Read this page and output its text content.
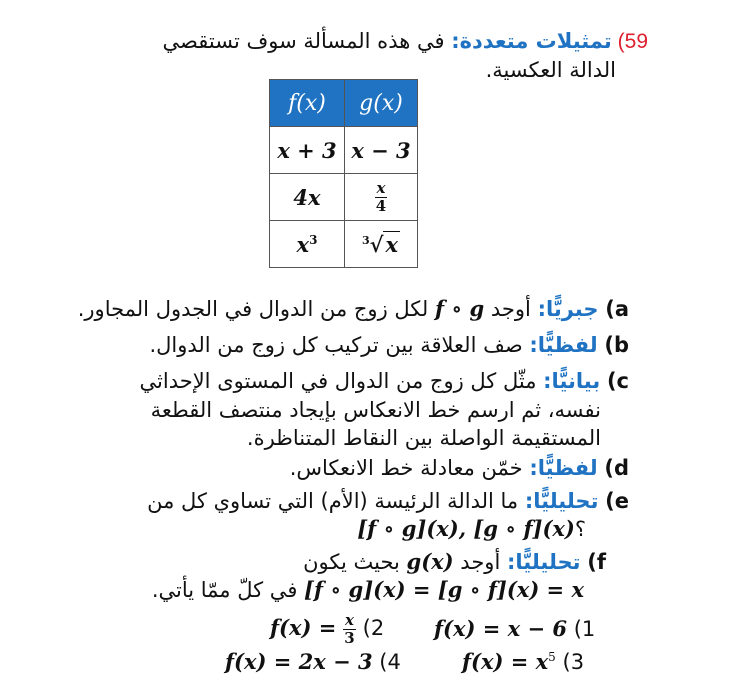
59) تمثيلات متعددة: في هذه المسألة سوف تستقصي
الدالة العكسية.
f(x)	g(x)
x + 3	x − 3
4x	$\frac{x}{4}$

$x^3$	$^3$√x
a) جبريًّا: أوجد f ∘ g لكل زوج من الدوال في الجدول المجاور.
b) لفظيًّا: صف العلاقة بين تركيب كل زوج من الدوال.
c) بيانيًّا: مثّل كل زوج من الدوال في المستوى الإحداثي
نفسه، ثم ارسم خط الانعكاس بإيجاد منتصف القطعة
المستقيمة الواصلة بين النقاط المتناظرة.
d) لفظيًّا: خمّن معادلة خط الانعكاس.
e) تحليليًّا: ما الدالة الرئيسة (الأم) التي تساوي كل من
؟[f ∘ g](x), [g ∘ f](x)
f) تحليليًّا: أوجد g(x) بحيث يكون
[f ∘ g](x) = [g ∘ f](x) = x في كلّ ممّا يأتي.
f(x) = x − 6 (1
$f(x) = \frac{x}{3} (2$
$f(x) = x^5$ (3
f(x) = 2x − 3 (4
